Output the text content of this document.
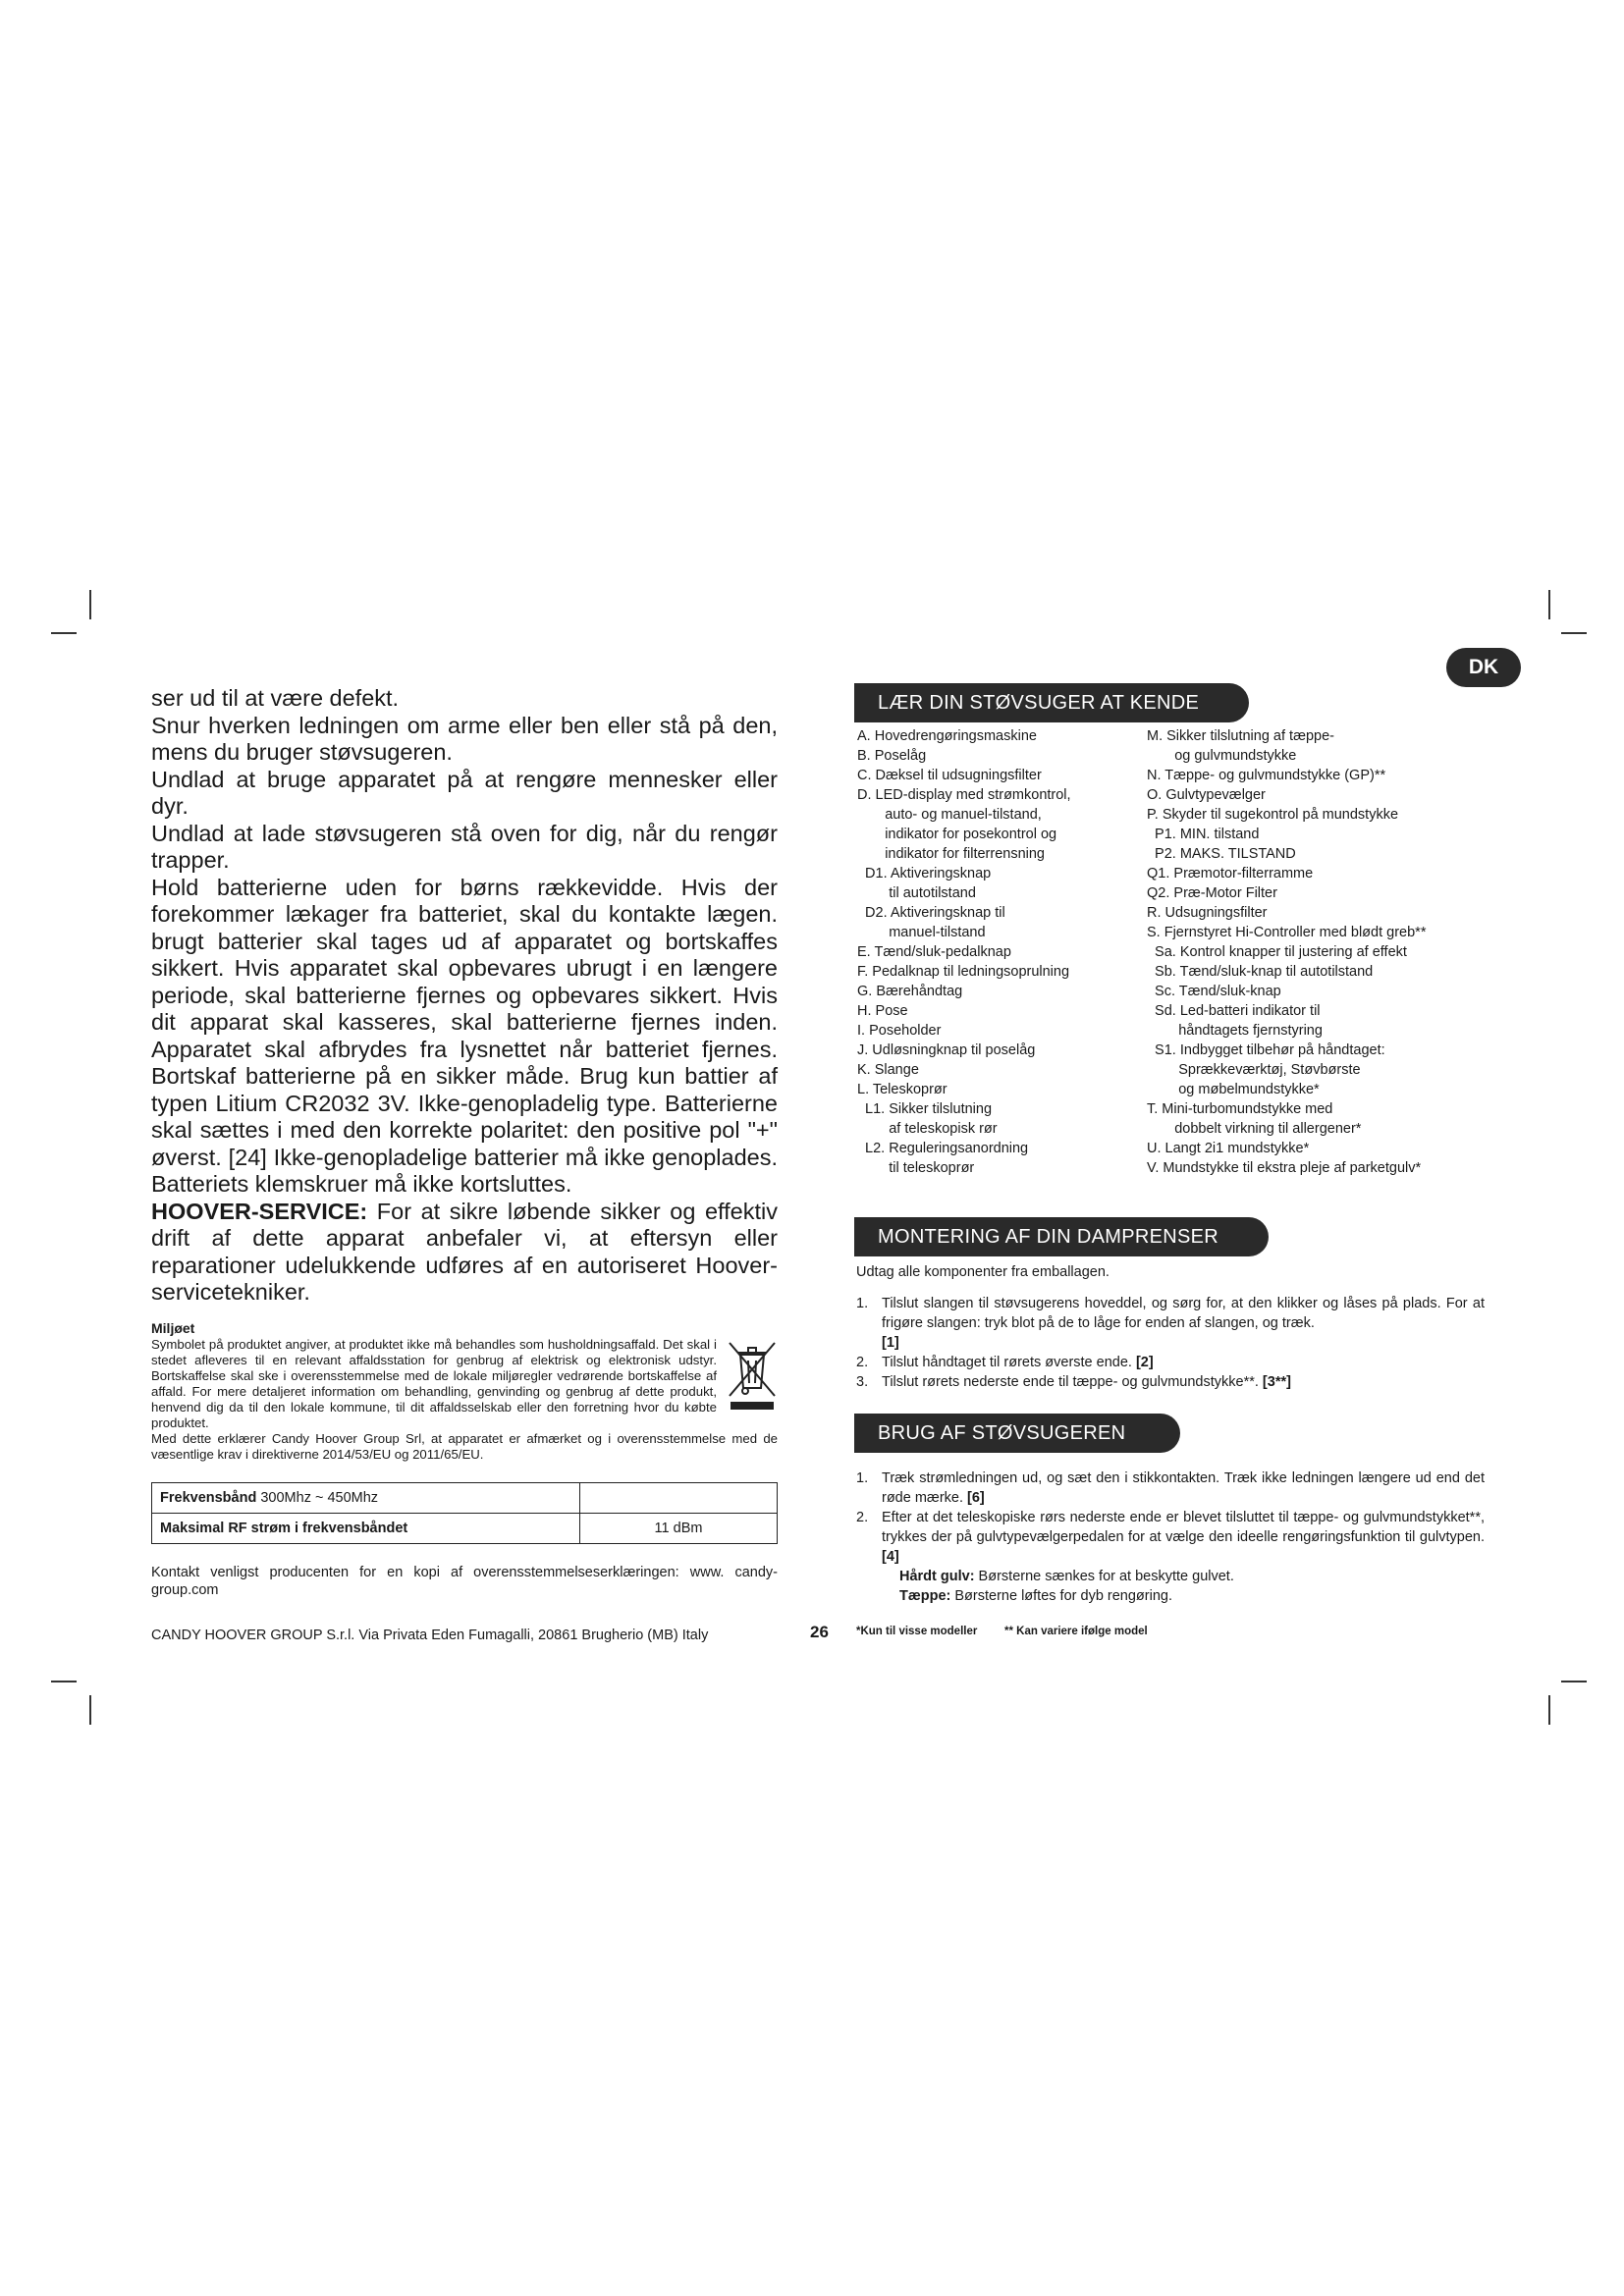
DK

ser ud til at være defekt.

Snur hverken ledningen om arme eller ben eller stå på den, mens du bruger støvsugeren.

Undlad at bruge apparatet på at rengøre mennesker eller dyr.

Undlad at lade støvsugeren stå oven for dig, når du rengør trapper.

Hold batterierne uden for børns rækkevidde. Hvis der forekommer lækager fra batteriet, skal du kontakte lægen. brugt batterier skal tages ud af apparatet og bortskaffes sikkert. Hvis apparatet skal opbevares ubrugt i en længere periode, skal batterierne fjernes og opbevares sikkert. Hvis dit apparat skal kasseres, skal batterierne fjernes inden. Apparatet skal afbrydes fra lysnettet når batteriet fjernes. Bortskaf batterierne på en sikker måde. Brug kun battier af typen Litium CR2032 3V. Ikke-genopladelig type. Batterierne skal sættes i med den korrekte polaritet: den positive pol "+" øverst. [24] Ikke-genopladelige batterier må ikke genoplades. Batteriets klemskruer må ikke kortsluttes.

HOOVER-SERVICE: For at sikre løbende sikker og effektiv drift af dette apparat anbefaler vi, at eftersyn eller reparationer udelukkende udføres af en autoriseret Hoover-servicetekniker.

Miljøet

Symbolet på produktet angiver, at produktet ikke må behandles som husholdningsaffald. Det skal i stedet afleveres til en relevant affaldsstation for genbrug af elektrisk og elektronisk udstyr. Bortskaffelse skal ske i overensstemmelse med de lokale miljøregler vedrørende bortskaffelse af affald. For mere detaljeret information om behandling, genvinding og genbrug af dette produkt, henvend dig da til den lokale kommune, til dit affaldsselskab eller den forretning hvor du købte produktet.

Med dette erklærer Candy Hoover Group Srl, at apparatet er afmærket og i overensstemmelse med de væsentlige krav i direktiverne 2014/53/EU og 2011/65/EU.

Frekvensbånd 300Mhz ~ 450Mhz	
Maksimal RF strøm i frekvensbåndet	11 dBm
Kontakt venligst producenten for en kopi af overensstemmelseserklæringen: www. candy-group.com
CANDY HOOVER GROUP S.r.l. Via Privata Eden Fumagalli, 20861 Brugherio (MB) Italy
LÆR DIN STØVSUGER AT KENDE
A. Hovedrengøringsmaskine
B. Poselåg
C. Dæksel til udsugningsfilter
D. LED-display med strømkontrol,
auto- og manuel-tilstand,
indikator for posekontrol og
indikator for filterrensning
D1. Aktiveringsknap
til autotilstand
D2. Aktiveringsknap til
manuel-tilstand
E. Tænd/sluk-pedalknap
F. Pedalknap til ledningsoprulning
G. Bærehåndtag
H. Pose
I. Poseholder
J. Udløsningknap til poselåg
K. Slange
L. Teleskoprør
L1. Sikker tilslutning
af teleskopisk rør
L2. Reguleringsanordning
til teleskoprør
M. Sikker tilslutning af tæppe-
og gulvmundstykke
N. Tæppe- og gulvmundstykke (GP)**
O. Gulvtypevælger
P. Skyder til sugekontrol på mundstykke
P1. MIN. tilstand
P2. MAKS. TILSTAND
Q1. Præmotor-filterramme
Q2. Præ-Motor Filter
R. Udsugningsfilter
S. Fjernstyret Hi-Controller med blødt greb**
Sa. Kontrol knapper til justering af effekt
Sb. Tænd/sluk-knap til autotilstand
Sc. Tænd/sluk-knap
Sd. Led-batteri indikator til
håndtagets fjernstyring
S1. Indbygget tilbehør på håndtaget:
Sprækkeværktøj, Støvbørste
og møbelmundstykke*
T. Mini-turbomundstykke med
dobbelt virkning til allergener*
U. Langt 2i1 mundstykke*
V. Mundstykke til ekstra pleje af parketgulv*
MONTERING AF DIN DAMPRENSER
Udtag alle komponenter fra emballagen.
1. Tilslut slangen til støvsugerens hoveddel, og sørg for, at den klikker og låses på plads. For at frigøre slangen: tryk blot på de to låge for enden af slangen, og træk.
[1]
2. Tilslut håndtaget til rørets øverste ende. [2]
3. Tilslut rørets nederste ende til tæppe- og gulvmundstykke**. [3**]
BRUG AF STØVSUGEREN
1. Træk strømledningen ud, og sæt den i stikkontakten. Træk ikke ledningen længere ud end det røde mærke. [6]
2. Efter at det teleskopiske rørs nederste ende er blevet tilsluttet til tæppe- og gulvmundstykket**, trykkes der på gulvtypevælgerpedalen for at vælge den ideelle rengøringsfunktion til gulvtypen. [4]
Hårdt gulv: Børsterne sænkes for at beskytte gulvet.
Tæppe: Børsterne løftes for dyb rengøring.
26 *Kun til visse modeller ** Kan variere ifølge model
